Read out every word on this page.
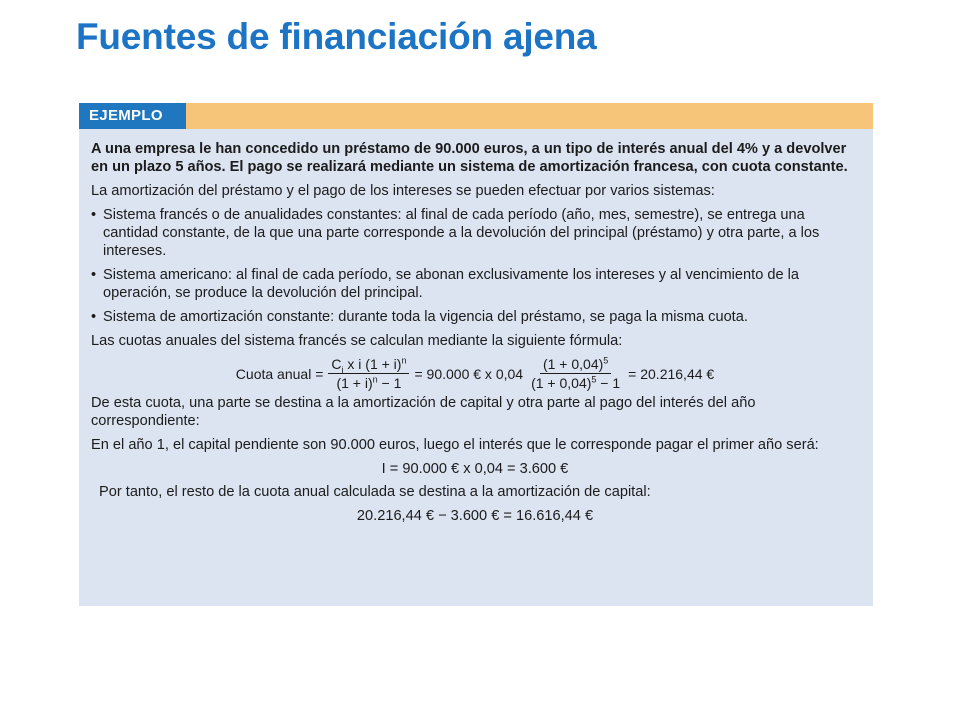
Fuentes de financiación ajena
EJEMPLO

A una empresa le han concedido un préstamo de 90.000 euros, a un tipo de interés anual del 4% y a devolver en un plazo 5 años. El pago se realizará mediante un sistema de amortización francesa, con cuota constante.

La amortización del préstamo y el pago de los intereses se pueden efectuar por varios sistemas:

• Sistema francés o de anualidades constantes: al final de cada período (año, mes, semestre), se entrega una cantidad constante, de la que una parte corresponde a la devolución del principal (préstamo) y otra parte, a los intereses.
• Sistema americano: al final de cada período, se abonan exclusivamente los intereses y al vencimiento de la operación, se produce la devolución del principal.
• Sistema de amortización constante: durante toda la vigencia del préstamo, se paga la misma cuota.

Las cuotas anuales del sistema francés se calculan mediante la siguiente fórmula:

Cuota anual = $\frac{C_i x i (1 + i)^n}{(1 + i)^n - 1} = 90.000$ € x $0,04 \frac{(1 + 0,04)^5}{(1 + 0,04)^5 - 1} = 20.216,44$ €

De esta cuota, una parte se destina a la amortización de capital y otra parte al pago del interés del año correspondiente:

En el año 1, el capital pendiente son 90.000 euros, luego el interés que le corresponde pagar el primer año será:

I = 90.000 € x 0,04 = 3.600 €

Por tanto, el resto de la cuota anual calculada se destina a la amortización de capital:

20.216,44 € − 3.600 € = 16.616,44 €
